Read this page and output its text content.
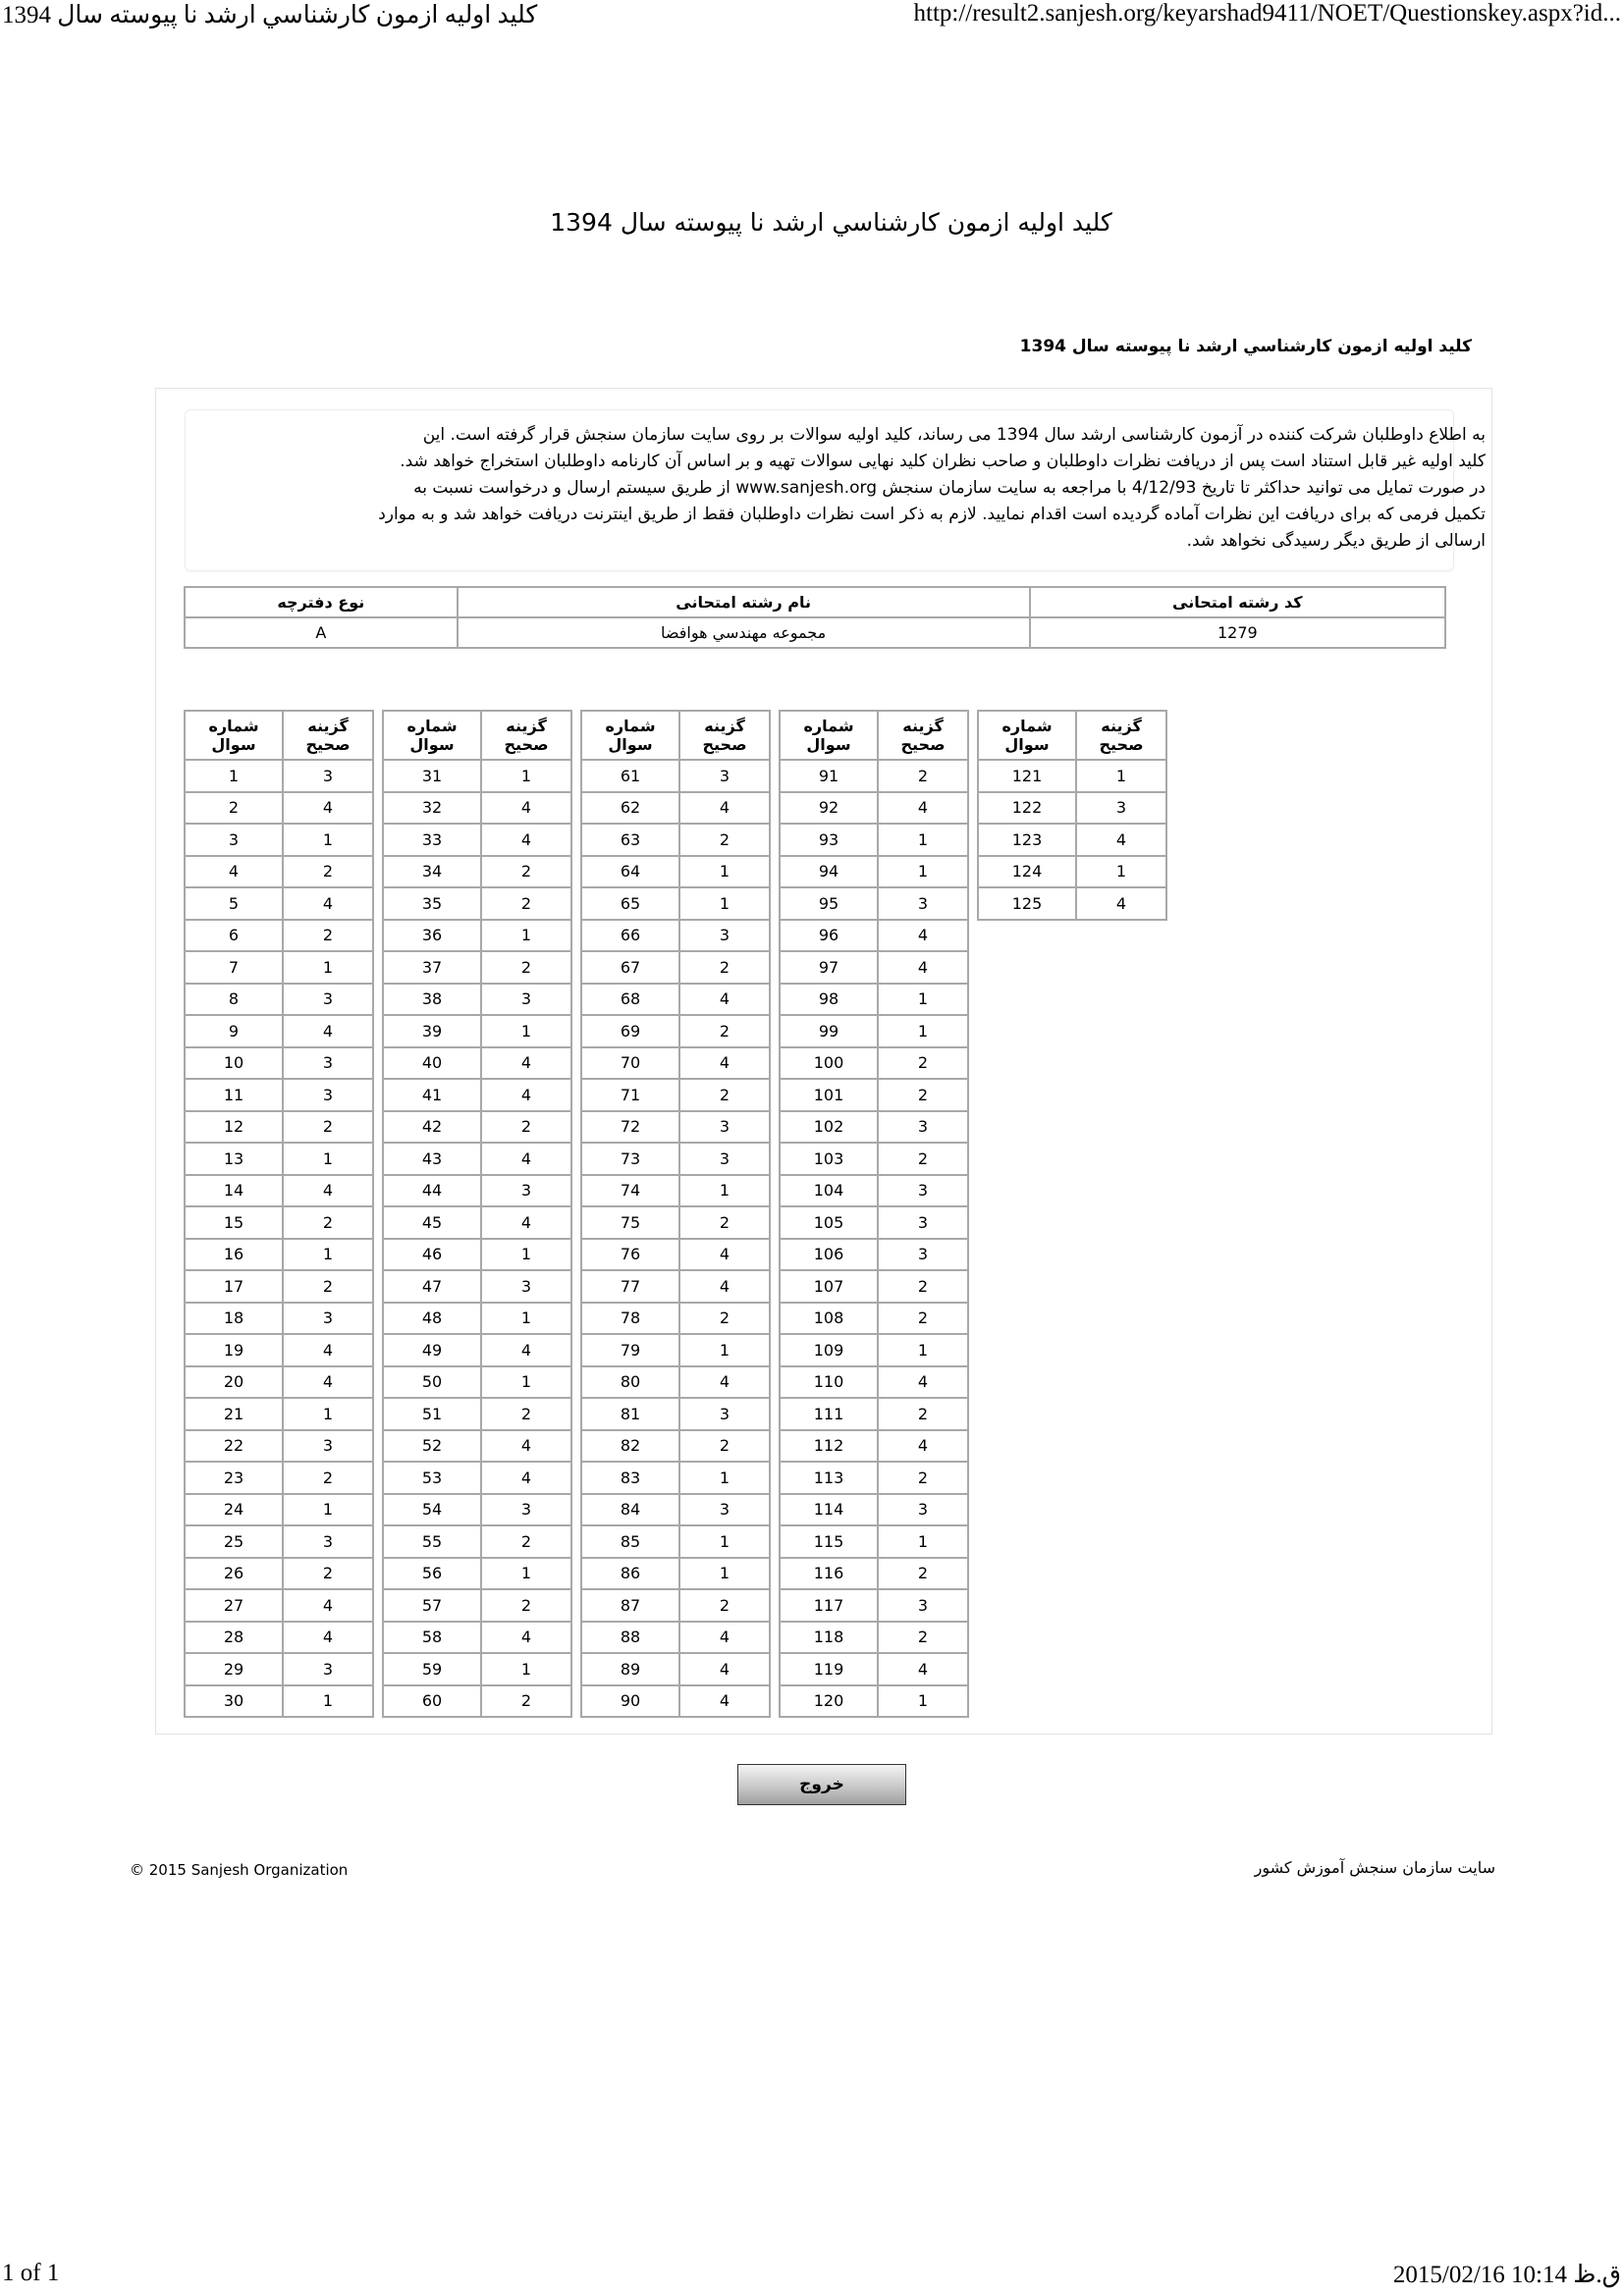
كليد اوليه ازمون كارشناسي ارشد نا پيوسته سال 1394	http://result2.sanjesh.org/keyarshad9411/NOET/Questionskey.aspx?id...
كليد اوليه ازمون كارشناسي ارشد نا پيوسته سال 1394
كليد اوليه ازمون كارشناسي ارشد نا پيوسته سال 1394
به اطلاع داوطلبان شرکت کننده در آزمون کارشناسی ارشد سال 1394 می رساند، کلید اولیه سوالات بر روی سایت سازمان سنجش قرار گرفته است. این
کلید اولیه غیر قابل استناد است پس از دریافت نظرات داوطلبان و صاحب نظران کلید نهایی سوالات تهیه و بر اساس آن کارنامه داوطلبان استخراج خواهد شد.
در صورت تمایل می توانید حداکثر تا تاریخ 4/12/93 با مراجعه به سایت سازمان سنجش www.sanjesh.org از طریق سیستم ارسال و درخواست نسبت به
تکمیل فرمی که برای دریافت این نظرات آماده گردیده است اقدام نمایید. لازم به ذکر است نظرات داوطلبان فقط از طریق اینترنت دریافت خواهد شد و به موارد
ارسالی از طریق دیگر رسیدگی نخواهد شد.
نوع دفترچه	نام رشته امتحانی	کد رشته امتحانی
A	مجموعه مهندسي هوافضا	1279
شماره سوال	گزینه صحیح
1	3
2	4
3	1
4	2
5	4
6	2
7	1
8	3
9	4
10	3
11	3
12	2
13	1
14	4
15	2
16	1
17	2
18	3
19	4
20	4
21	1
22	3
23	2
24	1
25	3
26	2
27	4
28	4
29	3
30	1
شماره سوال	گزینه صحیح
31	1
32	4
33	4
34	2
35	2
36	1
37	2
38	3
39	1
40	4
41	4
42	2
43	4
44	3
45	4
46	1
47	3
48	1
49	4
50	1
51	2
52	4
53	4
54	3
55	2
56	1
57	2
58	4
59	1
60	2
شماره سوال	گزینه صحیح
61	3
62	4
63	2
64	1
65	1
66	3
67	2
68	4
69	2
70	4
71	2
72	3
73	3
74	1
75	2
76	4
77	4
78	2
79	1
80	4
81	3
82	2
83	1
84	3
85	1
86	1
87	2
88	4
89	4
90	4
شماره سوال	گزینه صحیح
91	2
92	4
93	1
94	1
95	3
96	4
97	4
98	1
99	1
100	2
101	2
102	3
103	2
104	3
105	3
106	3
107	2
108	2
109	1
110	4
111	2
112	4
113	2
114	3
115	1
116	2
117	3
118	2
119	4
120	1
شماره سوال	گزینه صحیح
121	1
122	3
123	4
124	1
125	4
خروج
© 2015 Sanjesh Organization	سایت سازمان سنجش آموزش کشور
1 of 1	2015/02/16 10:14 ق.ظ
